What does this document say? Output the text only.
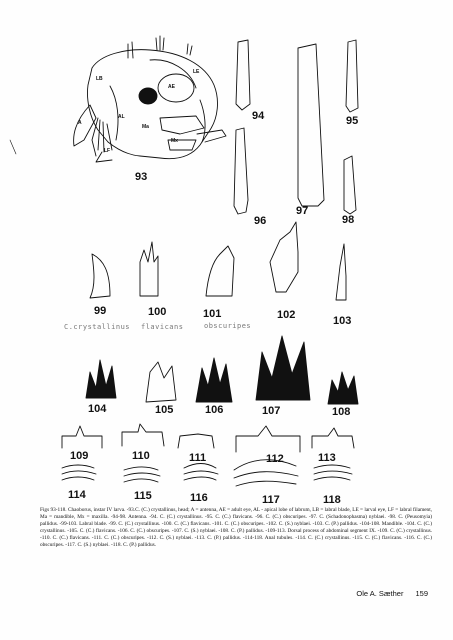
LB
LE
AE
A
AL
Ma
Mx
LF
93
94	95
96
97
98
99	100	101	102	103
104	105	106	107	108
109	110	111	112	113
114	115	116	117	118
C.crystallinus flavicans	obscuripes

Figs 93-118. Chaoborus, instar IV larva. -93.C. (C.) crystallinus, head; A = antenna, AE = adult eye, AL - apical lobe of labrum, LB = labral blade, LE = larval eye, LF = labral filament, Ma = mandible, Mx = maxilla. -94-98. Antenna. -94. C. (C.) crystallinus. -95. C. (C.) flavicans. -96. C. (C.) obscuripes. -97. C. (Schadonophasma) nyblaei. -98. C. (Peusomyia) pallidus. -99-103. Labral blade. -99. C. (C.) crystallinus. -100. C. (C.) flavicans. -101. C. (C.) obscuripes. -102. C. (S.) nyblaei. -103. C. (P.) pallidus. -104-108. Mandible. -104. C. (C.) crystallinus. -105. C. (C.) flavicans. -106. C. (C.) obscuripes. -107. C. (S.) nyblaei. -108. C. (P.) pallidus. -109-113. Dorsal process of abdominal segment IX. -109. C. (C.) crystallinus. -110. C. (C.) flavicans. -111. C. (C.) obscuripes. -112. C. (S.) nyblaei. -113. C. (P.) pallidus. -114-118. Anal tubules. -114. C. (C.) crystallinus. -115. C. (C.) flavicans. -116. C. (C.) obscuripes. -117. C. (S.) nyblaei. -118. C. (P.) pallidus.

Ole A. Sæther 159
